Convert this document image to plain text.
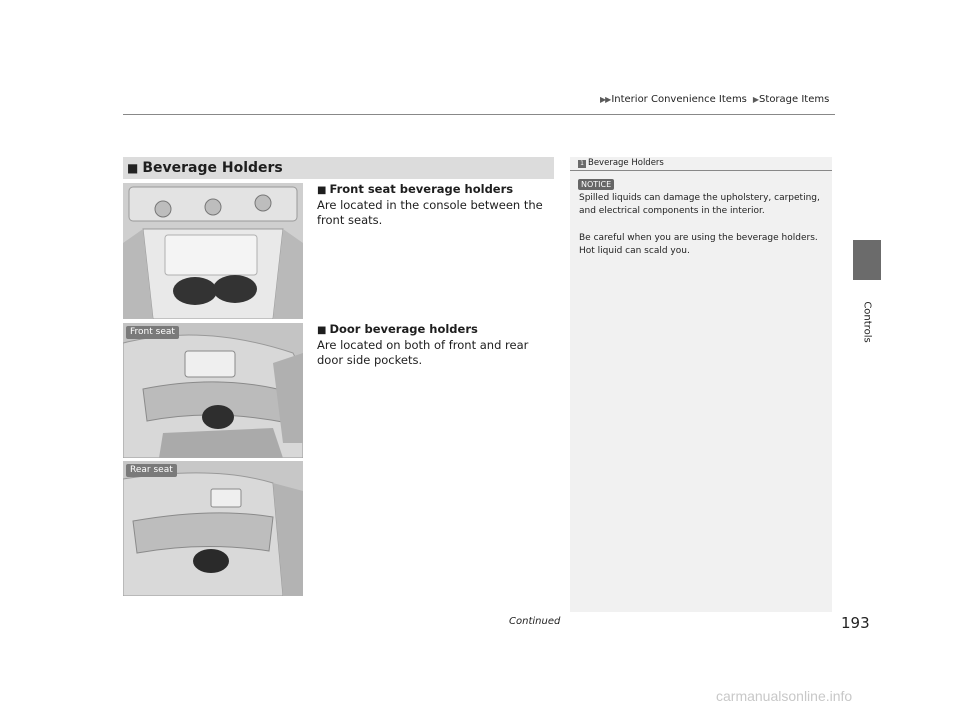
▶▶ Interior Convenience Items ▶ Storage Items
Controls
■ Beverage Holders
Front seat
Rear seat
■ Front seat beverage holders
Are located in the console between the front seats.
■ Door beverage holders
Are located on both of front and rear door side pockets.
1 Beverage Holders
NOTICE
Spilled liquids can damage the upholstery, carpeting, and electrical components in the interior.
Be careful when you are using the beverage holders. Hot liquid can scald you.
Continued	193
carmanualsonline.info
